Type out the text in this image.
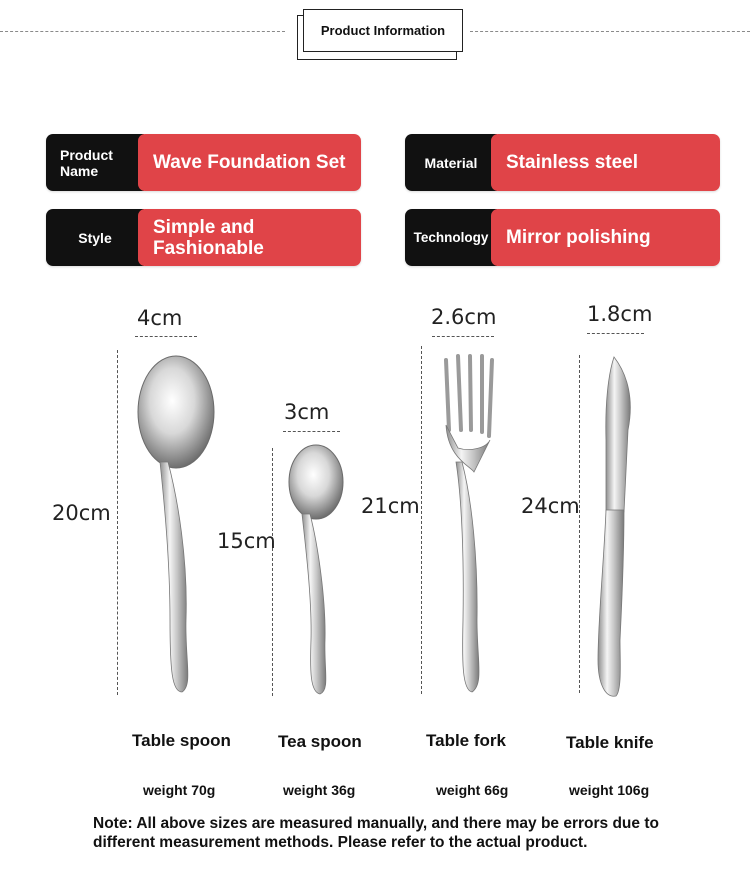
Product Information
Product Name	Wave Foundation Set	Material	Stainless steel
Style	Simple and Fashionable
Technology Mirror polishing
4cm
20cm
3cm
15cm
2.6cm
21cm
1.8cm
24cm
Table spoon	Tea spoon	Table fork	Table knife
weight 70g	weight 36g	weight 66g	weight 106g
Note: All above sizes are measured manually, and there may be errors due to different measurement methods. Please refer to the actual product.
